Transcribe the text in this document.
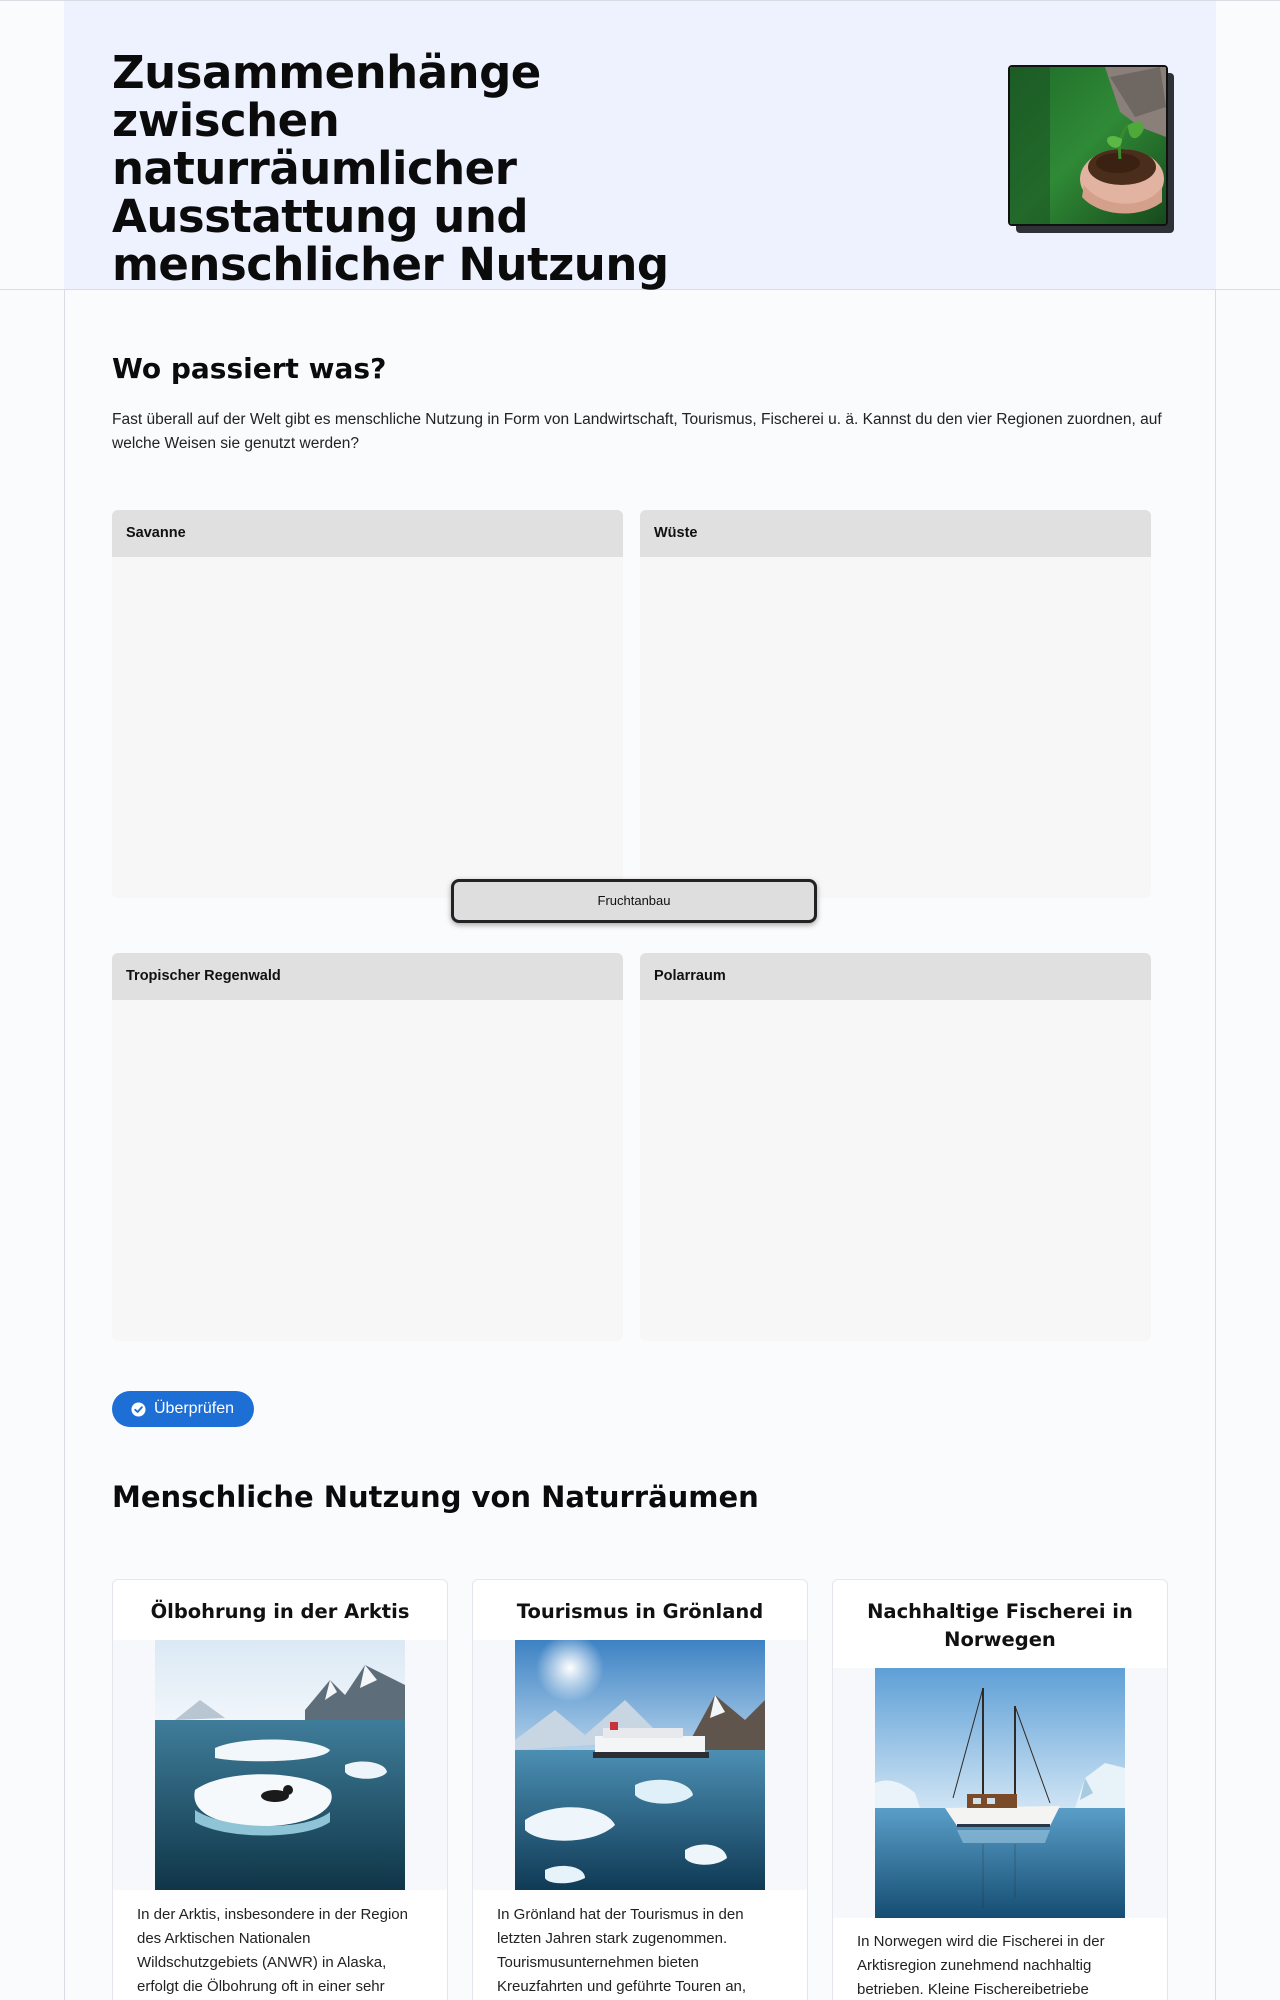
Zusammenhänge zwischen naturräumlicher Ausstattung und menschlicher Nutzung
Wo passiert was?

Fast überall auf der Welt gibt es menschliche Nutzung in Form von Landwirtschaft, Tourismus, Fischerei u. ä. Kannst du den vier Regionen zuordnen, auf welche Weisen sie genutzt werden?

Savanne	Wüste
Tropischer Regenwald	Polarraum
Fruchtanbau
Überprüfen
Menschliche Nutzung von Naturräumen
Ölbohrung in der Arktis

In der Arktis, insbesondere in der Region des Arktischen Nationalen Wildschutzgebiets (ANWR) in Alaska, erfolgt die Ölbohrung oft in einer sehr

Tourismus in Grönland

In Grönland hat der Tourismus in den letzten Jahren stark zugenommen. Tourismusunternehmen bieten Kreuzfahrten und geführte Touren an,

Nachhaltige Fischerei in Norwegen

In Norwegen wird die Fischerei in der Arktisregion zunehmend nachhaltig betrieben. Kleine Fischereibetriebe
